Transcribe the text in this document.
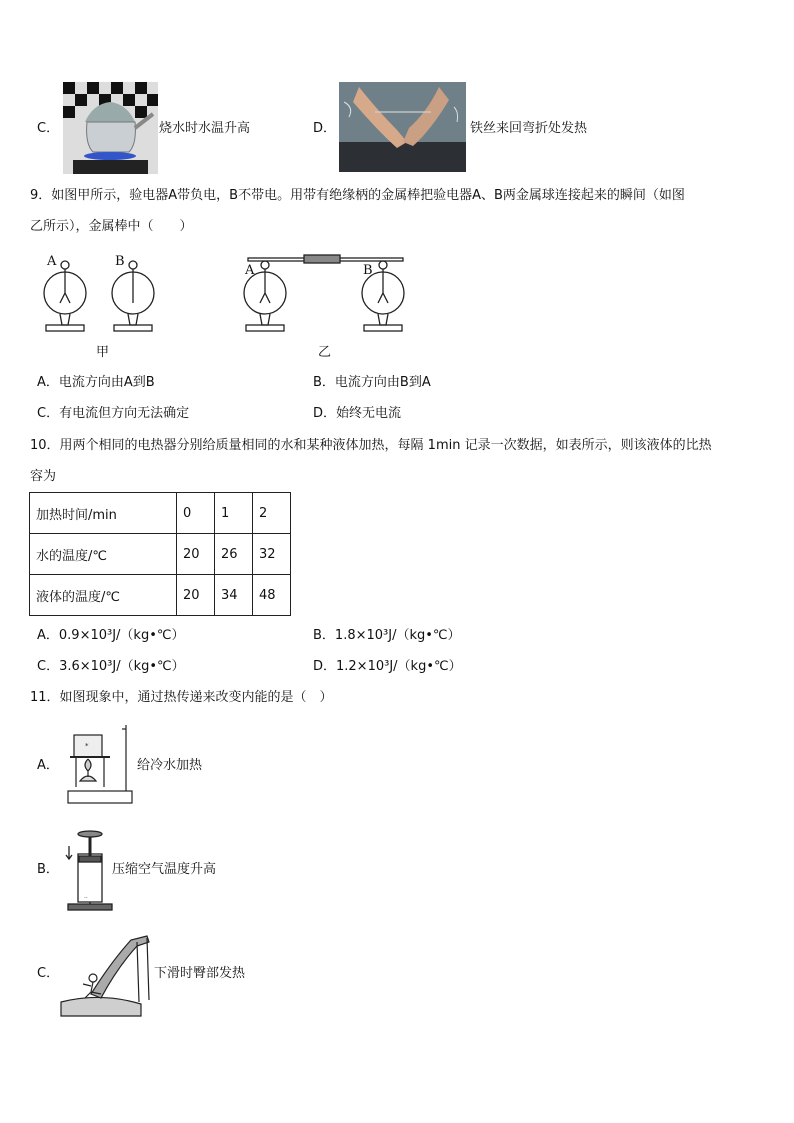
C．	烧水时水温升高	D．	铁丝来回弯折处发热
9．如图甲所示，验电器A带负电，B不带电。用带有绝缘柄的金属棒把验电器A、B两金属球连接起来的瞬间（如图
乙所示），金属棒中（　　）
A	B
甲
A	B
乙
A．电流方向由A到B	B．电流方向由B到A
C．有电流但方向无法确定	D．始终无电流
10．用两个相同的电热器分别给质量相同的水和某种液体加热，每隔 1min 记录一次数据，如表所示，则该液体的比热
容为
加热时间/min	0	1	2
水的温度/℃	20	26	32
液体的温度/℃	20	34	48
A．0.9×10³J/（kg•℃）	B．1.8×10³J/（kg•℃）
C．3.6×10³J/（kg•℃）	D．1.2×10³J/（kg•℃）
11．如图现象中，通过热传递来改变内能的是（　）
A．
*
给冷水加热
B．
..
压缩空气温度升高
C．	下滑时臀部发热
